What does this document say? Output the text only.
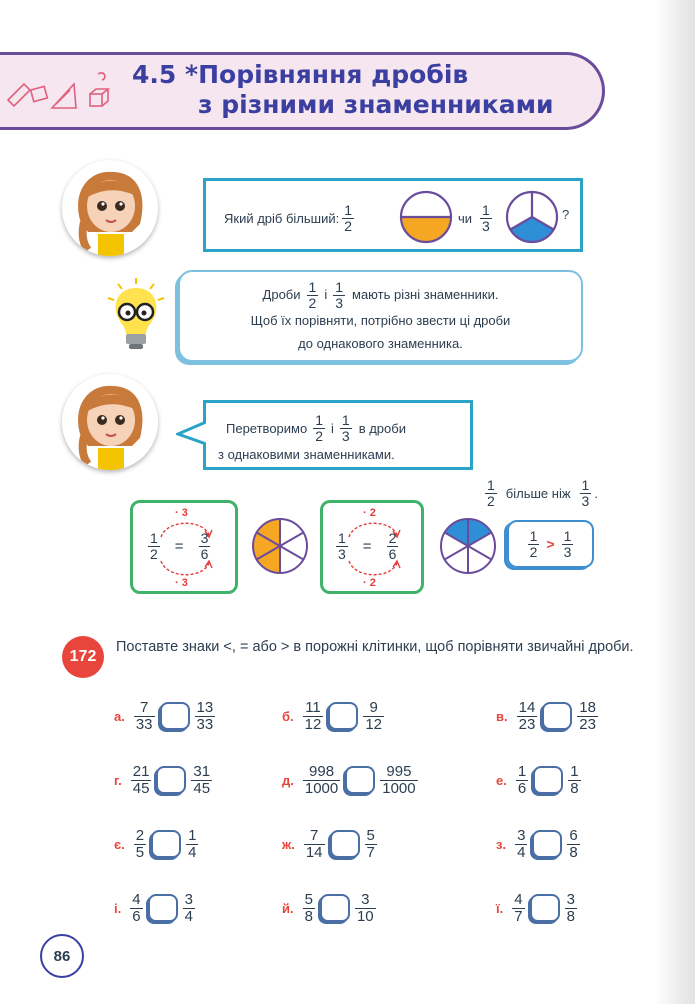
4.5 *Порівняння дробів
з різними знаменниками
Який дріб більший: $\frac{1}{2}$	чи $\frac{1}{3}$	?
Дроби $\frac{1}{2}$ і $\frac{1}{3}$ мають різні знаменники.
Щоб їх порівняти, потрібно звести ці дроби
до однакового знаменника.
Перетворимо $\frac{1}{2}$ і $\frac{1}{3}$ в дроби
з однаковими знаменниками.
$\frac{1}{2}$ більше ніж $\frac{1}{3}$ .
· 3
· 3
$\frac{1}{2} = \frac{3}{6}$
· 2
· 2
$\frac{1}{3} = \frac{2}{6}$	$\frac{1}{2} > \frac{1}{3}$
172
Поставте знаки <, = або > в порожні клітинки, щоб порівняти звичайні дроби.
а. $\frac{7}{33}$	$\frac{13}{33}$	б. $\frac{11}{12}$	$\frac{9}{12}$	в. $\frac{14}{23}$	$\frac{18}{23}$
г. $\frac{21}{45}$	$\frac{31}{45}$	д. $\frac{998}{1000}$	$\frac{995}{1000}$	е. $\frac{1}{6}$	$\frac{1}{8}$
є. $\frac{2}{5}$	$\frac{1}{4}$	ж. $\frac{7}{14}$	$\frac{5}{7}$	з. $\frac{3}{4}$	$\frac{6}{8}$
і. $\frac{4}{6}$	$\frac{3}{4}$	й. $\frac{5}{8}$	$\frac{3}{10}$	ї. $\frac{4}{7}$	$\frac{3}{8}$
86
